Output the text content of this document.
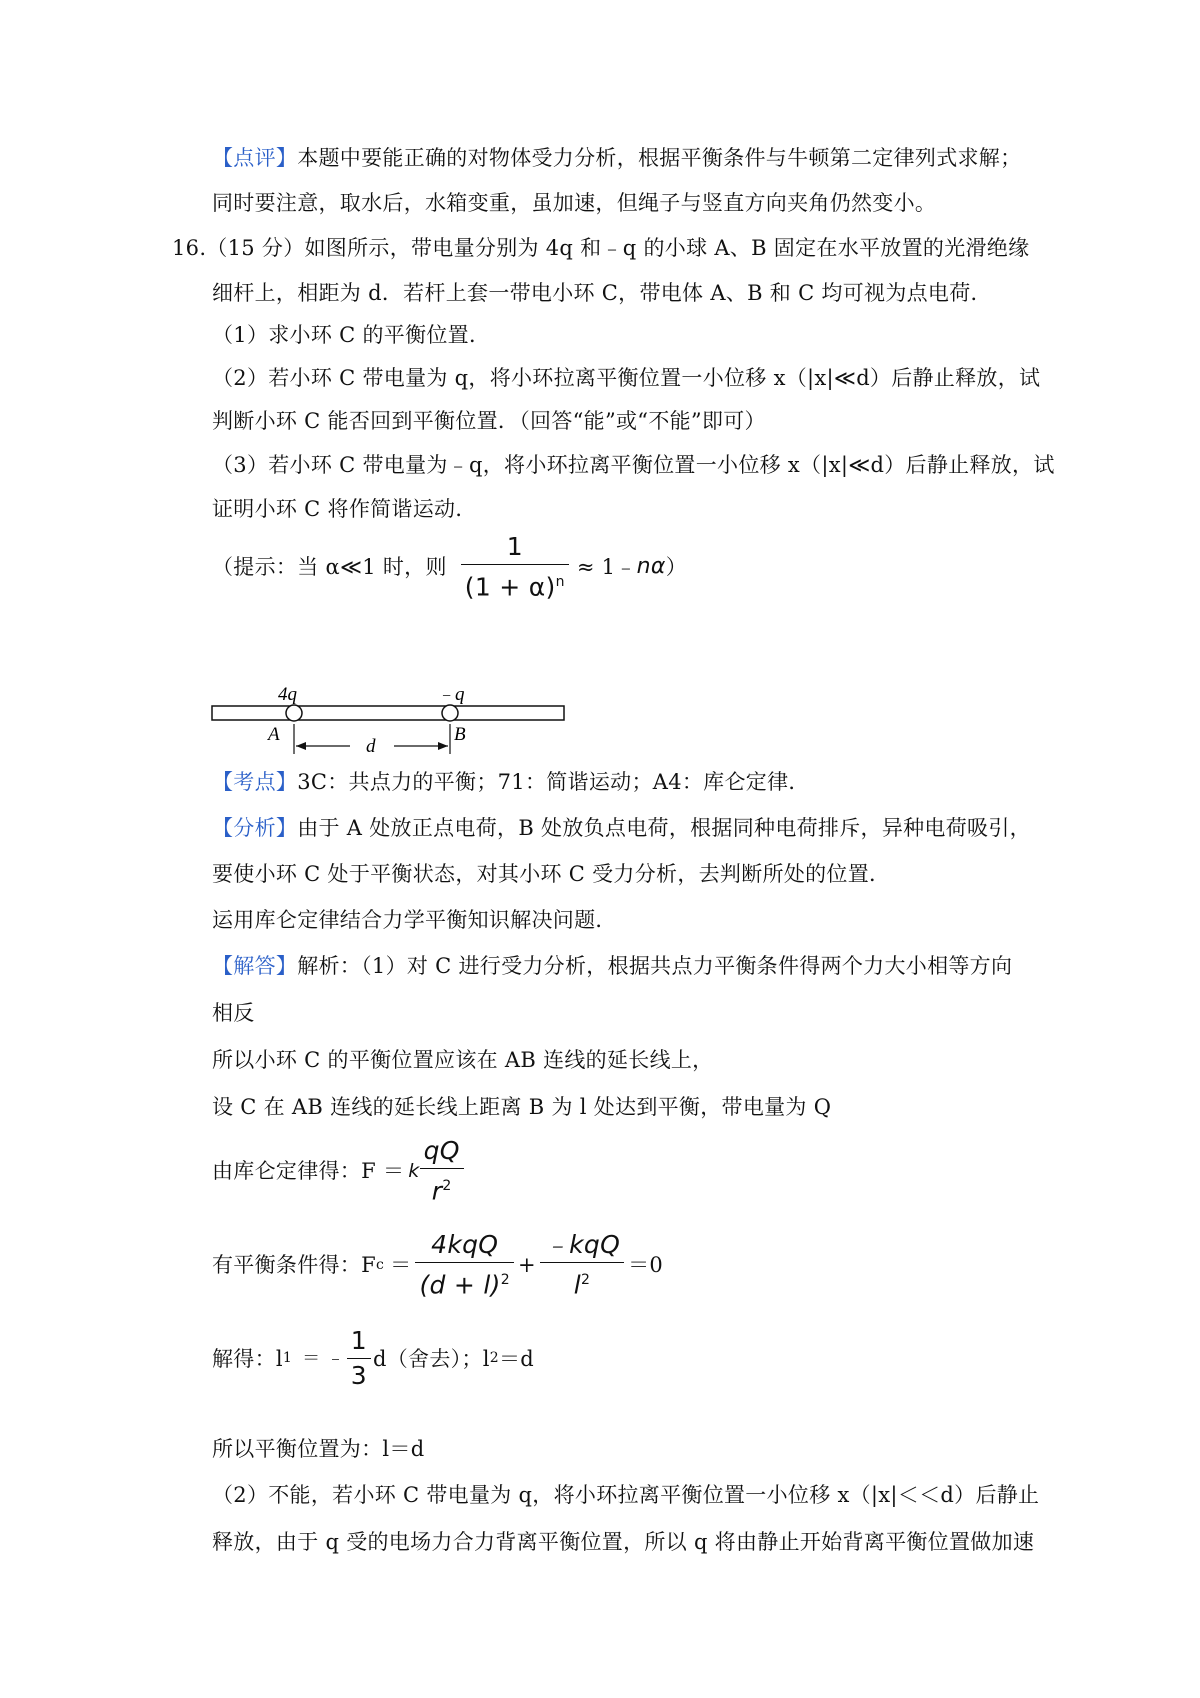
【点评】本题中要能正确的对物体受力分析，根据平衡条件与牛顿第二定律列式求解；
同时要注意，取水后，水箱变重，虽加速，但绳子与竖直方向夹角仍然变小。
16.（15 分）如图所示，带电量分别为 4q 和﹣q 的小球 A、B 固定在水平放置的光滑绝缘
细杆上，相距为 d．若杆上套一带电小环 C，带电体 A、B 和 C 均可视为点电荷．
（1）求小环 C 的平衡位置．
（2）若小环 C 带电量为 q，将小环拉离平衡位置一小位移 x（|x|≪d）后静止释放，试
判断小环 C 能否回到平衡位置．（回答“能”或“不能”即可）
（3）若小环 C 带电量为﹣q，将小环拉离平衡位置一小位移 x（|x|≪d）后静止释放，试
证明小环 C 将作简谐运动．
（提示：当 α≪1 时，则 $\frac{1}{(1 + \alpha)^n}$ ≈ 1﹣ nα ）
4q	﹣q
A	B
d
【考点】3C：共点力的平衡；71：简谐运动；A4：库仑定律．
【分析】由于 A 处放正点电荷，B 处放负点电荷，根据同种电荷排斥，异种电荷吸引，
要使小环 C 处于平衡状态，对其小环 C 受力分析，去判断所处的位置．
运用库仑定律结合力学平衡知识解决问题．
【解答】解析：（1）对 C 进行受力分析，根据共点力平衡条件得两个力大小相等方向
相反
所以小环 C 的平衡位置应该在 AB 连线的延长线上，
设 C 在 AB 连线的延长线上距离 B 为 l 处达到平衡，带电量为 Q
由库仑定律得：F ＝ k $\frac{qQ}{r^2}$
有平衡条件得：F $c = \frac{\text{4kqQ}}{(d + l)^2} + \frac{\text{﹣kqQ}}{l^2} =0$
解得：l 1 ＝ ﹣ $\frac{1}{3} d$（舍去）；l 2 ＝d
所以平衡位置为：l＝d
（2）不能，若小环 C 带电量为 q，将小环拉离平衡位置一小位移 x（|x|＜＜d）后静止
释放，由于 q 受的电场力合力背离平衡位置，所以 q 将由静止开始背离平衡位置做加速
